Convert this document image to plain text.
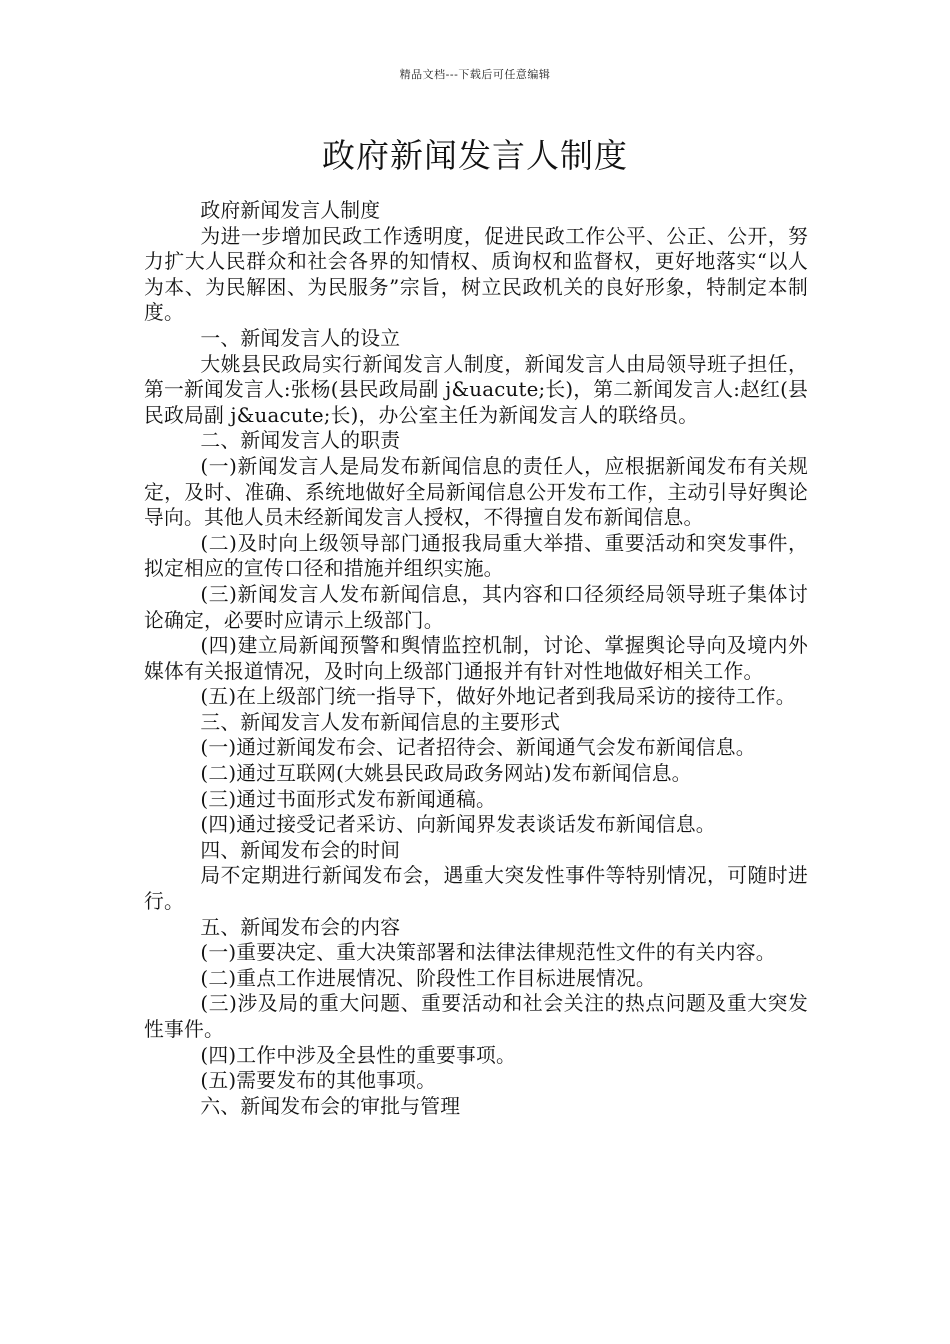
精品文档---下载后可任意编辑
政府新闻发言人制度

政府新闻发言人制度

为进一步增加民政工作透明度，促进民政工作公平、公正、公开，努力扩大人民群众和社会各界的知情权、质询权和监督权，更好地落实“以人为本、为民解困、为民服务”宗旨，树立民政机关的良好形象，特制定本制度。

一、新闻发言人的设立

大姚县民政局实行新闻发言人制度，新闻发言人由局领导班子担任，第一新闻发言人:张杨(县民政局副 j&uacute;长)，第二新闻发言人:赵红(县民政局副 j&uacute;长)，办公室主任为新闻发言人的联络员。

二、新闻发言人的职责

(一)新闻发言人是局发布新闻信息的责任人，应根据新闻发布有关规定，及时、准确、系统地做好全局新闻信息公开发布工作，主动引导好舆论导向。其他人员未经新闻发言人授权，不得擅自发布新闻信息。

(二)及时向上级领导部门通报我局重大举措、重要活动和突发事件，拟定相应的宣传口径和措施并组织实施。

(三)新闻发言人发布新闻信息，其内容和口径须经局领导班子集体讨论确定，必要时应请示上级部门。

(四)建立局新闻预警和舆情监控机制，讨论、掌握舆论导向及境内外媒体有关报道情况，及时向上级部门通报并有针对性地做好相关工作。

(五)在上级部门统一指导下，做好外地记者到我局采访的接待工作。

三、新闻发言人发布新闻信息的主要形式

(一)通过新闻发布会、记者招待会、新闻通气会发布新闻信息。

(二)通过互联网(大姚县民政局政务网站)发布新闻信息。

(三)通过书面形式发布新闻通稿。

(四)通过接受记者采访、向新闻界发表谈话发布新闻信息。

四、新闻发布会的时间

局不定期进行新闻发布会，遇重大突发性事件等特别情况，可随时进行。

五、新闻发布会的内容

(一)重要决定、重大决策部署和法律法律规范性文件的有关内容。

(二)重点工作进展情况、阶段性工作目标进展情况。

(三)涉及局的重大问题、重要活动和社会关注的热点问题及重大突发性事件。

(四)工作中涉及全县性的重要事项。

(五)需要发布的其他事项。

六、新闻发布会的审批与管理
